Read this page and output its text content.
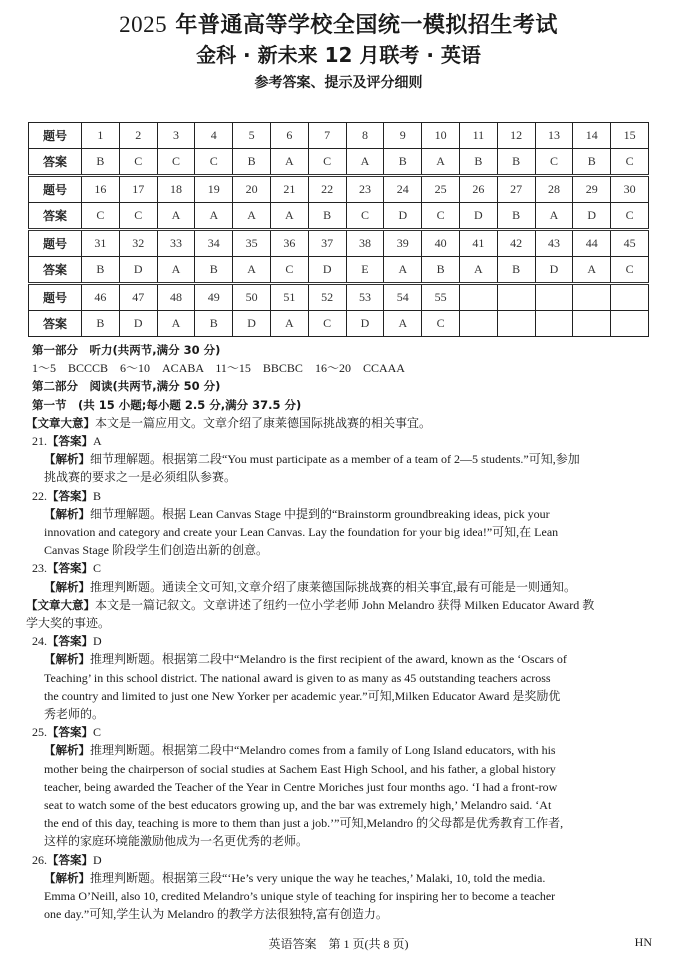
2025 年普通高等学校全国统一模拟招生考试
金科 · 新未来 12 月联考 · 英语
参考答案、提示及评分细则
题号	1	2	3	4	5	6	7	8	9	10	11	12	13	14	15
答案	B	C	C	C	B	A	C	A	B	A	B	B	C	B	C
题号	16	17	18	19	20	21	22	23	24	25	26	27	28	29	30
答案	C	C	A	A	A	A	B	C	D	C	D	B	A	D	C
题号	31	32	33	34	35	36	37	38	39	40	41	42	43	44	45
答案	B	D	A	B	A	C	D	E	A	B	A	B	D	A	C
题号	46	47	48	49	50	51	52	53	54	55					
答案	B	D	A	B	D	A	C	D	A	C					
第一部分　听力(共两节,满分 30 分)
1～5　BCCCB　6～10　ACABA　11～15　BBCBC　16～20　CCAAA
第二部分　阅读(共两节,满分 50 分)
第一节　(共 15 小题;每小题 2.5 分,满分 37.5 分)
【文章大意】本文是一篇应用文。文章介绍了康莱德国际挑战赛的相关事宜。
21.【答案】A
【解析】细节理解题。根据第二段“You must participate as a member of a team of 2—5 students.”可知,参加
挑战赛的要求之一是必须组队参赛。
22.【答案】B
【解析】细节理解题。根据 Lean Canvas Stage 中提到的“Brainstorm groundbreaking ideas, pick your
innovation and category and create your Lean Canvas. Lay the foundation for your big idea!”可知,在 Lean
Canvas Stage 阶段学生们创造出新的创意。
23.【答案】C
【解析】推理判断题。通读全文可知,文章介绍了康莱德国际挑战赛的相关事宜,最有可能是一则通知。
【文章大意】本文是一篇记叙文。文章讲述了纽约一位小学老师 John Melandro 获得 Milken Educator Award 教
学大奖的事迹。
24.【答案】D
【解析】推理判断题。根据第二段中“Melandro is the first recipient of the award, known as the ‘Oscars of
Teaching’ in this school district. The national award is given to as many as 45 outstanding teachers across
the country and limited to just one New Yorker per academic year.”可知,Milken Educator Award 是奖励优
秀老师的。
25.【答案】C
【解析】推理判断题。根据第二段中“Melandro comes from a family of Long Island educators, with his
mother being the chairperson of social studies at Sachem East High School, and his father, a global history
teacher, being awarded the Teacher of the Year in Centre Moriches just four months ago. ‘I had a front-row
seat to watch some of the best educators growing up, and the bar was extremely high,’ Melandro said. ‘At
the end of this day, teaching is more to them than just a job.’”可知,Melandro 的父母都是优秀教育工作者,
这样的家庭环境能激励他成为一名更优秀的老师。
26.【答案】D
【解析】推理判断题。根据第三段“‘He’s very unique the way he teaches,’ Malaki, 10, told the media.
Emma O’Neill, also 10, credited Melandro’s unique style of teaching for inspiring her to become a teacher
one day.”可知,学生认为 Melandro 的教学方法很独特,富有创造力。
英语答案　第 1 页(共 8 页)	HN
